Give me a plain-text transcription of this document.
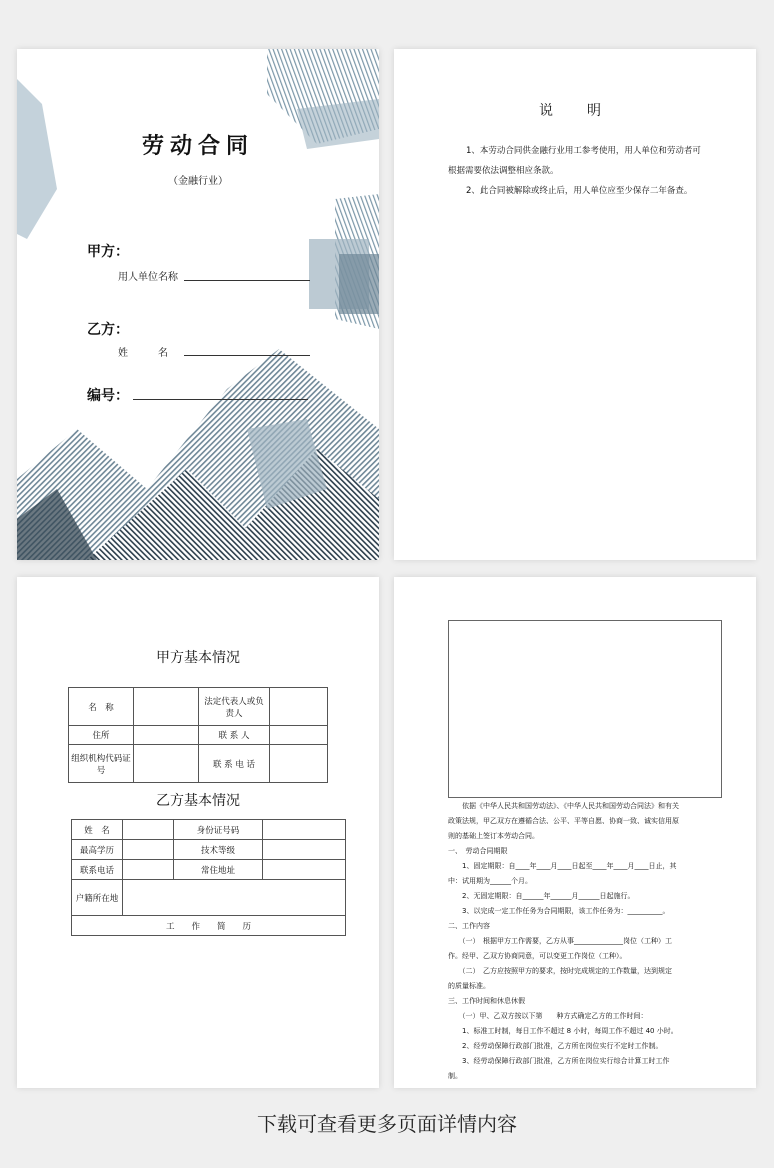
劳动合同
（金融行业）
甲方：
用人单位名称
乙方：
姓　　　名
编号：
说　明
1、本劳动合同供金融行业用工参考使用，用人单位和劳动者可根据需要依法调整相应条款。
2、此合同被解除或终止后，用人单位应至少保存二年备查。
甲方基本情况
名　称		法定代表人或负责人	
住所		联 系 人	
组织机构代码证号		联 系 电 话	
乙方基本情况
姓　名		身份证号码	
最高学历		技术等级	
联系电话		常住地址	
户籍所在地			
工　　作　　简　　历			
　　依据《中华人民共和国劳动法》、《中华人民共和国劳动合同法》和有关
政策法规，甲乙双方在遵循合法、公平、平等自愿、协商一致、诚实信用原
则的基础上签订本劳动合同。
一、　劳动合同期限
　　1、固定期限：自____年____月____日起至____年____月____日止，其
中：试用期为______个月。
　　2、无固定期限：自______年______月______日起施行。
　　3、以完成一定工作任务为合同期限，该工作任务为：__________。
二、工作内容
　　（一）　根据甲方工作需要，乙方从事______________岗位（工种）工
作。经甲、乙双方协商同意，可以变更工作岗位（工种）。
　　（二）　乙方应按照甲方的要求，按时完成规定的工作数量，达到规定
的质量标准。
三、工作时间和休息休假
　　（一）甲、乙双方按以下第　　种方式确定乙方的工作时间：
　　1、标准工时制，每日工作不超过 8 小时，每周工作不超过 40 小时。
　　2、经劳动保障行政部门批准，乙方所在岗位实行不定时工作制。
　　3、经劳动保障行政部门批准，乙方所在岗位实行综合计算工时工作
制。
下载可查看更多页面详情内容
